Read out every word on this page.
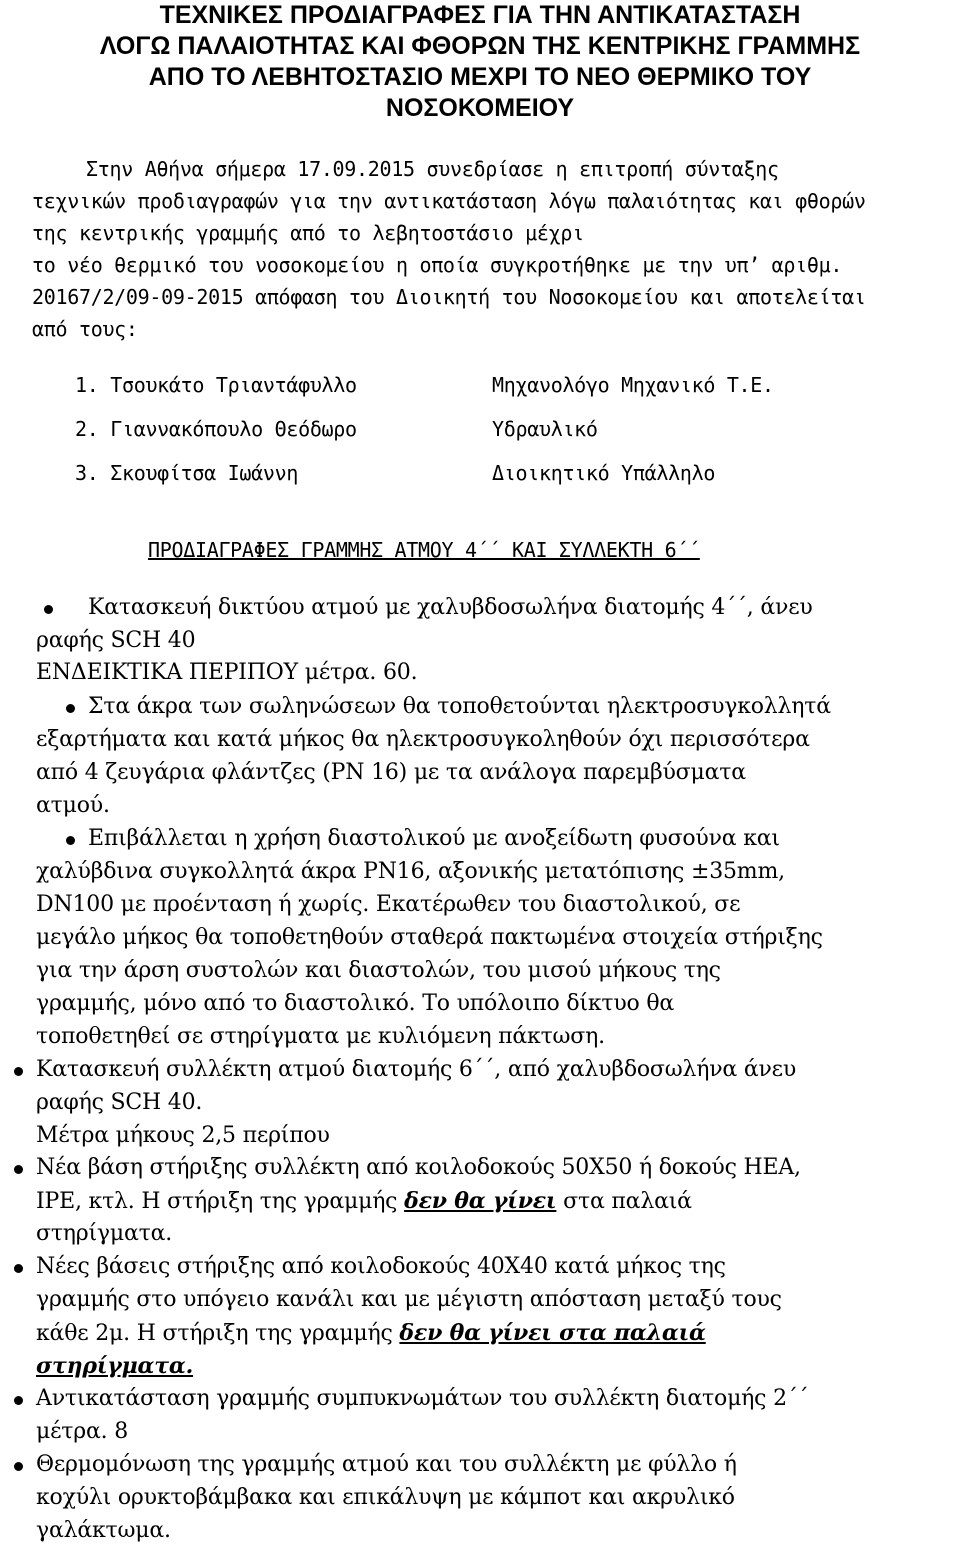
ΤΕΧΝΙΚΕΣ ΠΡΟΔΙΑΓΡΑΦΕΣ ΓΙΑ ΤΗΝ ΑΝΤΙΚΑΤΑΣΤΑΣΗ
ΛΟΓΩ ΠΑΛΑΙΟΤΗΤΑΣ ΚΑΙ ΦΘΟΡΩΝ ΤΗΣ ΚΕΝΤΡΙΚΗΣ ΓΡΑΜΜΗΣ
ΑΠΟ ΤΟ ΛΕΒΗΤΟΣΤΑΣΙΟ ΜΕΧΡΙ ΤΟ ΝΕΟ ΘΕΡΜΙΚΟ ΤΟΥ
ΝΟΣΟΚΟΜΕΙΟΥ
Στην Αθήνα σήμερα 17.09.2015 συνεδρίασε η επιτροπή σύνταξης
τεχνικών προδιαγραφών για την αντικατάσταση λόγω παλαιότητας και φθορών
της κεντρικής γραμμής από το λεβητοστάσιο μέχρι
το νέο θερμικό του νοσοκομείου η οποία συγκροτήθηκε με την υπ’ αριθμ.
20167/2/09-09-2015 απόφαση του Διοικητή του Νοσοκομείου και αποτελείται
από τους:
1. Τσουκάτο Τριαντάφυλλο	Μηχανολόγο Μηχανικό Τ.Ε.
2. Γιαννακόπουλο Θεόδωρο	Υδραυλικό
3. Σκουφίτσα Ιωάννη	Διοικητικό Υπάλληλο
ΠΡΟΔΙΑΓΡΑΦΕΣ ΓΡΑΜΜΗΣ ΑΤΜΟΥ 4΄΄ ΚΑΙ ΣΥΛΛΕΚΤΗ 6΄΄
Κατασκευή δικτύου ατμού με χαλυβδοσωλήνα διατομής 4΄΄, άνευ
ραφής SCH 40
ΕΝΔΕΙΚΤΙΚΑ ΠΕΡΙΠΟΥ μέτρα. 60.
Στα άκρα των σωληνώσεων θα τοποθετούνται ηλεκτροσυγκολλητά
εξαρτήματα και κατά μήκος θα ηλεκτροσυγκοληθούν όχι περισσότερα
από 4 ζευγάρια φλάντζες (PN 16) με τα ανάλογα παρεμβύσματα
ατμού.
Επιβάλλεται η χρήση διαστολικού με ανοξείδωτη φυσούνα και
χαλύβδινα συγκολλητά άκρα PN16, αξονικής μετατόπισης ±35mm,
DN100 με προένταση ή χωρίς. Εκατέρωθεν του διαστολικού, σε
μεγάλο μήκος θα τοποθετηθούν σταθερά πακτωμένα στοιχεία στήριξης
για την άρση συστολών και διαστολών, του μισού μήκους της
γραμμής, μόνο από το διαστολικό. Το υπόλοιπο δίκτυο θα
τοποθετηθεί σε στηρίγματα με κυλιόμενη πάκτωση.
Κατασκευή συλλέκτη ατμού διατομής 6΄΄, από χαλυβδοσωλήνα άνευ
ραφής SCH 40.
Μέτρα μήκους 2,5 περίπου
Νέα βάση στήριξης συλλέκτη από κοιλοδοκούς 50Χ50 ή δοκούς ΗΕΑ,
ΙΡΕ, κτλ. Η στήριξη της γραμμής δεν θα γίνει στα παλαιά
στηρίγματα.
Νέες βάσεις στήριξης από κοιλοδοκούς 40Χ40 κατά μήκος της
γραμμής στο υπόγειο κανάλι και με μέγιστη απόσταση μεταξύ τους
κάθε 2μ. Η στήριξη της γραμμής δεν θα γίνει στα παλαιά
στηρίγματα.
Αντικατάσταση γραμμής συμπυκνωμάτων του συλλέκτη διατομής 2΄΄
μέτρα. 8
Θερμομόνωση της γραμμής ατμού και του συλλέκτη με φύλλο ή
κοχύλι ορυκτοβάμβακα και επικάλυψη με κάμποτ και ακρυλικό
γαλάκτωμα.
